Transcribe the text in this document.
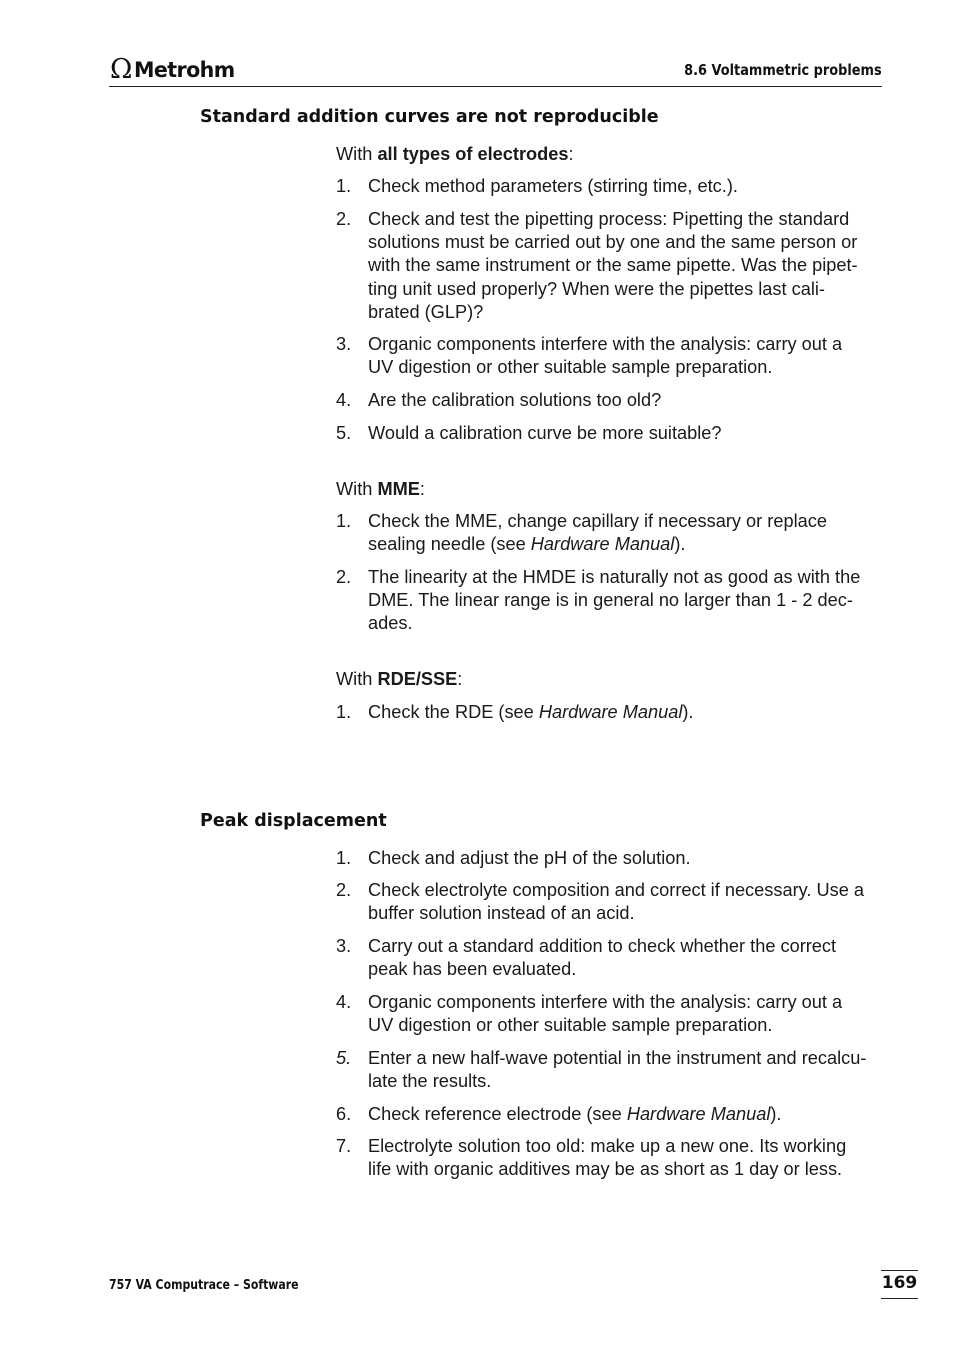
Ω Metrohm	8.6 Voltammetric problems
Standard addition curves are not reproducible
With all types of electrodes:
1. Check method parameters (stirring time, etc.).
2. Check and test the pipetting process: Pipetting the standard
solutions must be carried out by one and the same person or
with the same instrument or the same pipette. Was the pipet-
ting unit used properly? When were the pipettes last cali-
brated (GLP)?
3. Organic components interfere with the analysis: carry out a
UV digestion or other suitable sample preparation.
4. Are the calibration solutions too old?
5. Would a calibration curve be more suitable?
With MME:
1. Check the MME, change capillary if necessary or replace
sealing needle (see Hardware Manual).
2. The linearity at the HMDE is naturally not as good as with the
DME. The linear range is in general no larger than 1 - 2 dec-
ades.
With RDE/SSE:
1. Check the RDE (see Hardware Manual).
Peak displacement
1. Check and adjust the pH of the solution.
2. Check electrolyte composition and correct if necessary. Use a
buffer solution instead of an acid.
3. Carry out a standard addition to check whether the correct
peak has been evaluated.
4. Organic components interfere with the analysis: carry out a
UV digestion or other suitable sample preparation.
5. Enter a new half-wave potential in the instrument and recalcu-
late the results.
6. Check reference electrode (see Hardware Manual).
7. Electrolyte solution too old: make up a new one. Its working
life with organic additives may be as short as 1 day or less.
757 VA Computrace – Software	169
